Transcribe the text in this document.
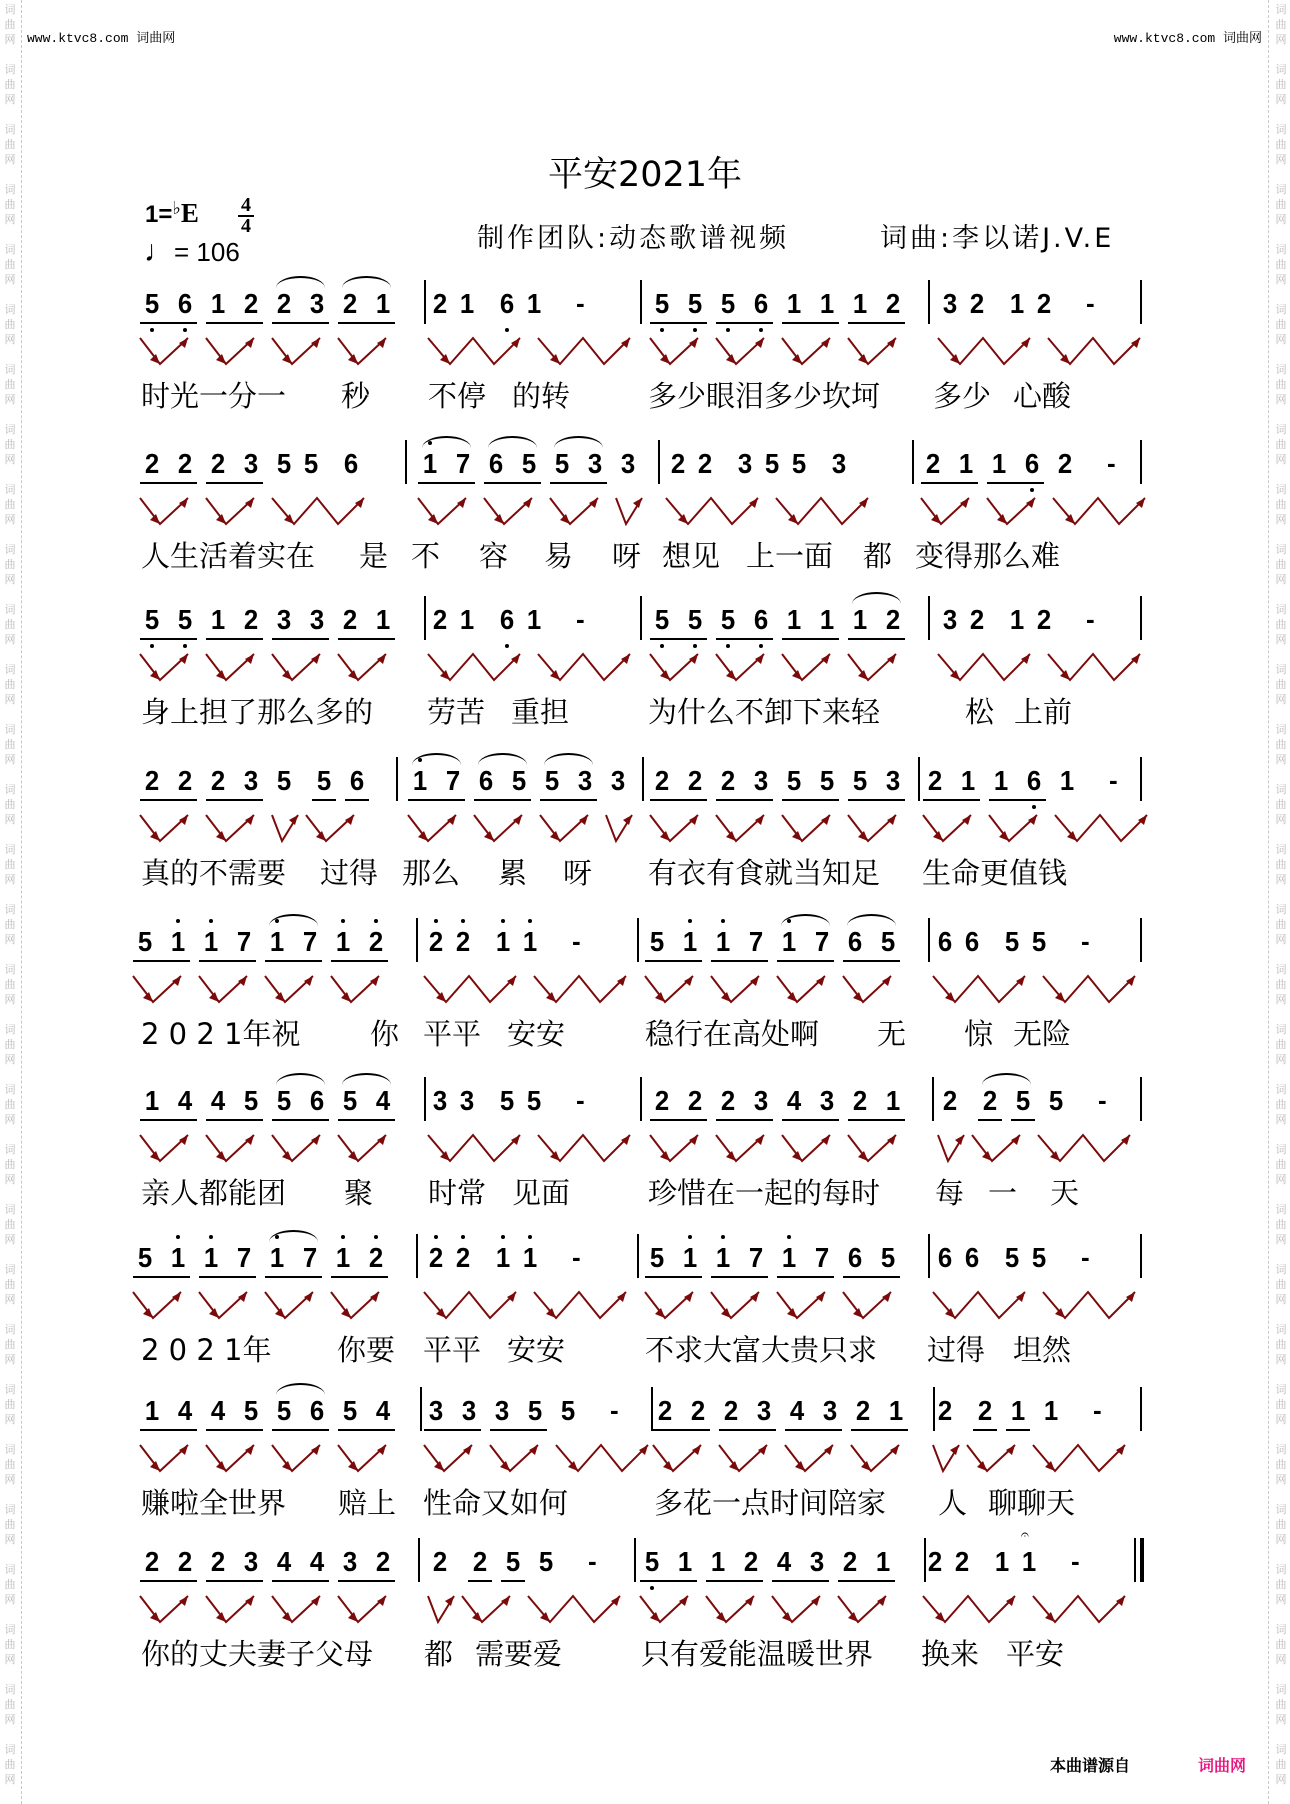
词
曲
网
词
曲
网
词
曲
网
词
曲
网
词
曲
网
词
曲
网
词
曲
网
词
曲
网
词
曲
网
词
曲
网
词
曲
网
词
曲
网
词
曲
网
词
曲
网
词
曲
网
词
曲
网
词
曲
网
词
曲
网
词
曲
网
词
曲
网
词
曲
网
词
曲
网
词
曲
网
词
曲
网
词
曲
网
词
曲
网
词
曲
网
词
曲
网
词
曲
网
词
曲
网
词
曲
网
词
曲
网
词
曲
网
词
曲
网
词
曲
网
词
曲
网
词
曲
网
词
曲
网
词
曲
网
词
曲
网
词
曲
网
词
曲
网
词
曲
网
词
曲
网
词
曲
网
词
曲
网
词
曲
网
词
曲
网
词
曲
网
词
曲
网
词
曲
网
词
曲
网
词
曲
网
词
曲
网
词
曲
网
词
曲
网
词
曲
网
词
曲
网
词
曲
网
词
曲
网
www.ktvc8.com 词曲网	www.ktvc8.com 词曲网
平安2021年
1=♭E 4
4
♩= 106	制作团队:动态歌谱视频	词曲:李以诺J.V.E
5 6 1 2 2 3 2 1 2 1 6 1 -	5 5 5 6 1 1 1 2 3 2 1 2 -
时光一分一 秒 不停 的转	多少眼泪多少坎坷 多少 心酸
2 2 2 3 5 5 6 1 7 6 5 5 3 3 2 2 3 5 5 3	2 1 1 6 2 -
人生活着实在 是 不 容 易 呀 想见 上一面 都 变得那么难
5 5 1 2 3 3 2 1 2 1 6 1 -	5 5 5 6 1 1 1 2 3 2 1 2 -
身上担了那么多的 劳苦 重担	为什么不卸下来轻	松 上前
2 2 2 3 5 5 6 1 7 6 5 5 3 3 2 2 2 3 5 5 5 3 2 1 1 6 1 -
真的不需要 过得 那么 累 呀 有衣有食就当知足 生命更值钱
5 1 1 7 1 7 1 2 2 2 1 1 - 5 1 1 7 1 7 6 5 6 6 5 5 -
2 0 2 1年祝 你 平平 安安	稳行在高处啊 无 惊 无险
1 4 4 5 5 6 5 4 3 3 5 5 -	2 2 2 3 4 3 2 1 2 2 5 5 -
亲人都能团 聚 时常 见面	珍惜在一起的每时 每 一 天
5 1 1 7 1 7 1 2 2 2 1 1 - 5 1 1 7 1 7 6 5 6 6 5 5 -
2 0 2 1年 你要 平平 安安	不求大富大贵只求 过得 坦然
1 4 4 5 5 6 5 4 3 3 3 5 5 - 2 2 2 3 4 3 2 1 2 2 1 1 -
赚啦全世界 赔上 性命又如何	多花一点时间陪家 人 聊聊天
2 2 2 3 4 4 3 2 2 2 5 5 - 5 1 1 2 4 3 2 1 2 2 1 1
𝄐
-
你的丈夫妻子父母 都 需要爱	只有爱能温暖世界 换来 平安
本曲谱源自	词曲网
